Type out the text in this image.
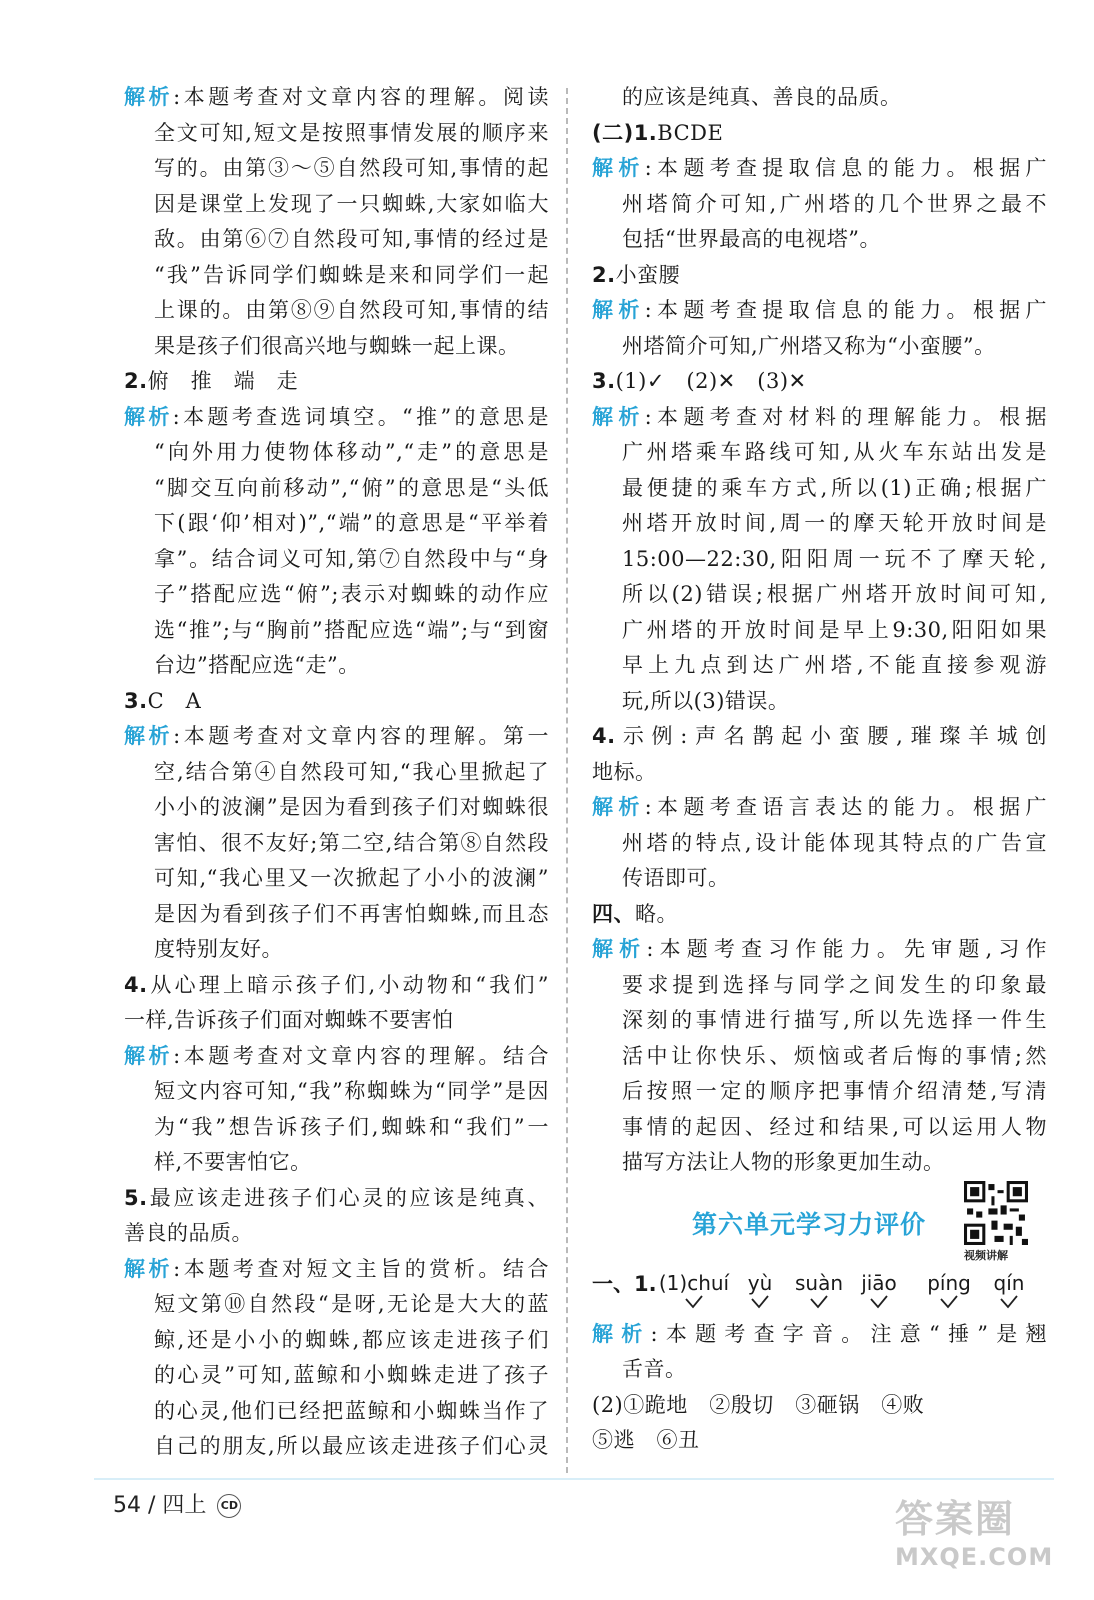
解析:本题考查对文章内容的理解。阅读
全文可知,短文是按照事情发展的顺序来
写的。由第③～⑤自然段可知,事情的起
因是课堂上发现了一只蜘蛛,大家如临大
敌。由第⑥⑦自然段可知,事情的经过是
“我”告诉同学们蜘蛛是来和同学们一起
上课的。由第⑧⑨自然段可知,事情的结
果是孩子们很高兴地与蜘蛛一起上课。
2.俯　推　端　走
解析:本题考查选词填空。“推”的意思是
“向外用力使物体移动”,“走”的意思是
“脚交互向前移动”,“俯”的意思是“头低
下(跟‘仰’相对)”,“端”的意思是“平举着
拿”。结合词义可知,第⑦自然段中与“身
子”搭配应选“俯”;表示对蜘蛛的动作应
选“推”;与“胸前”搭配应选“端”;与“到窗
台边”搭配应选“走”。
3.C　A
解析:本题考查对文章内容的理解。第一
空,结合第④自然段可知,“我心里掀起了
小小的波澜”是因为看到孩子们对蜘蛛很
害怕、很不友好;第二空,结合第⑧自然段
可知,“我心里又一次掀起了小小的波澜”
是因为看到孩子们不再害怕蜘蛛,而且态
度特别友好。
4.从心理上暗示孩子们,小动物和“我们”
一样,告诉孩子们面对蜘蛛不要害怕
解析:本题考查对文章内容的理解。结合
短文内容可知,“我”称蜘蛛为“同学”是因
为“我”想告诉孩子们,蜘蛛和“我们”一
样,不要害怕它。
5.最应该走进孩子们心灵的应该是纯真、
善良的品质。
解析:本题考查对短文主旨的赏析。结合
短文第⑩自然段“是呀,无论是大大的蓝
鲸,还是小小的蜘蛛,都应该走进孩子们
的心灵”可知,蓝鲸和小蜘蛛走进了孩子
的心灵,他们已经把蓝鲸和小蜘蛛当作了
自己的朋友,所以最应该走进孩子们心灵
的应该是纯真、善良的品质。
(二)1.BCDE
解析:本题考查提取信息的能力。根据广
州塔简介可知,广州塔的几个世界之最不
包括“世界最高的电视塔”。
2.小蛮腰
解析:本题考查提取信息的能力。根据广
州塔简介可知,广州塔又称为“小蛮腰”。
3.(1)✓　(2)✕　(3)✕
解析:本题考查对材料的理解能力。根据
广州塔乘车路线可知,从火车东站出发是
最便捷的乘车方式,所以(1)正确;根据广
州塔开放时间,周一的摩天轮开放时间是
15:00—22:30,阳阳周一玩不了摩天轮,
所以(2)错误;根据广州塔开放时间可知,
广州塔的开放时间是早上9:30,阳阳如果
早上九点到达广州塔,不能直接参观游
玩,所以(3)错误。
4.示例:声名鹊起小蛮腰,璀璨羊城创
地标。
解析:本题考查语言表达的能力。根据广
州塔的特点,设计能体现其特点的广告宣
传语即可。
四、略。
解析:本题考查习作能力。先审题,习作
要求提到选择与同学之间发生的印象最
深刻的事情进行描写,所以先选择一件生
活中让你快乐、烦恼或者后悔的事情;然
后按照一定的顺序把事情介绍清楚,写清
事情的起因、经过和结果,可以运用人物
描写方法让人物的形象更加生动。
第六单元学习力评价
视频讲解
一、1. (1)chuí yù suàn jiāo	píng	qín
解析:本题考查字音。注意“捶”是翘
舌音。
(2)①跪地　②殷切　③砸锅　④败
⑤逃　⑥丑
54 / 四上 CD	答案圈
MXQE.COM
